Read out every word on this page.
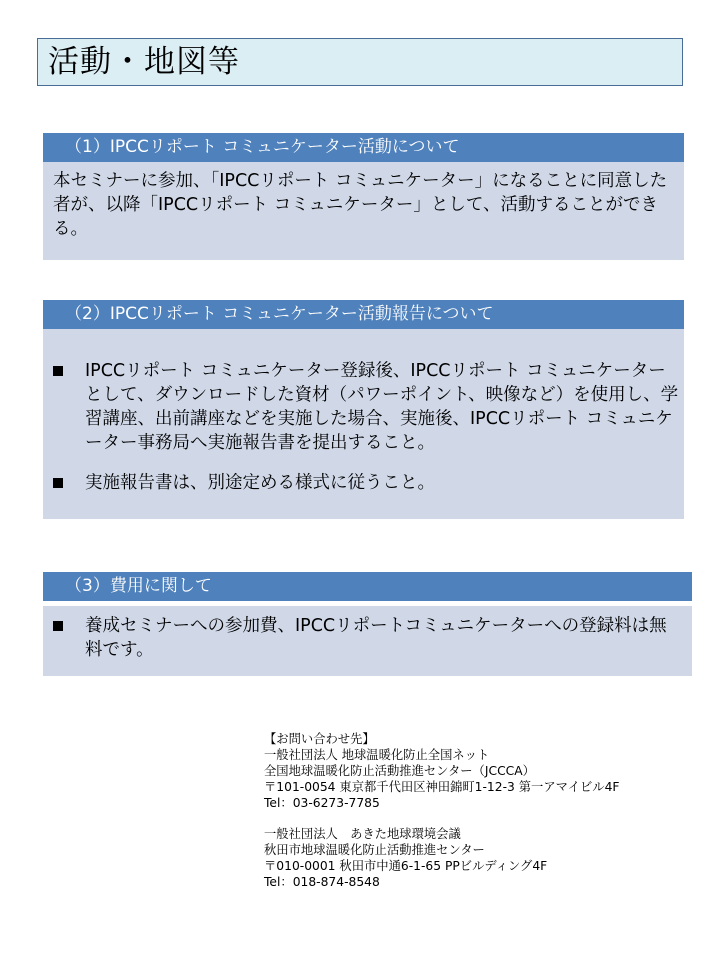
活動・地図等
（1）IPCCリポート コミュニケーター活動について
本セミナーに参加、「IPCCリポート コミュニケーター」になることに同意した者が、以降「IPCCリポート コミュニケーター」として、活動することができる。
（2）IPCCリポート コミュニケーター活動報告について
IPCCリポート コミュニケーター登録後、IPCCリポート コミュニケーターとして、ダウンロードした資材（パワーポイント、映像など）を使用し、学習講座、出前講座などを実施した場合、実施後、IPCCリポート コミュニケーター事務局へ実施報告書を提出すること。
実施報告書は、別途定める様式に従うこと。
（3）費用に関して
養成セミナーへの参加費、IPCCリポートコミュニケーターへの登録料は無料です。
【お問い合わせ先】
一般社団法人 地球温暖化防止全国ネット
全国地球温暖化防止活動推進センター（JCCCA）
〒101-0054 東京都千代田区神田錦町1-12-3 第一アマイビル4F
Tel：03-6273-7785
一般社団法人　あきた地球環境会議
秋田市地球温暖化防止活動推進センター
〒010-0001 秋田市中通6-1-65 PPビルディング4F
Tel：018-874-8548
